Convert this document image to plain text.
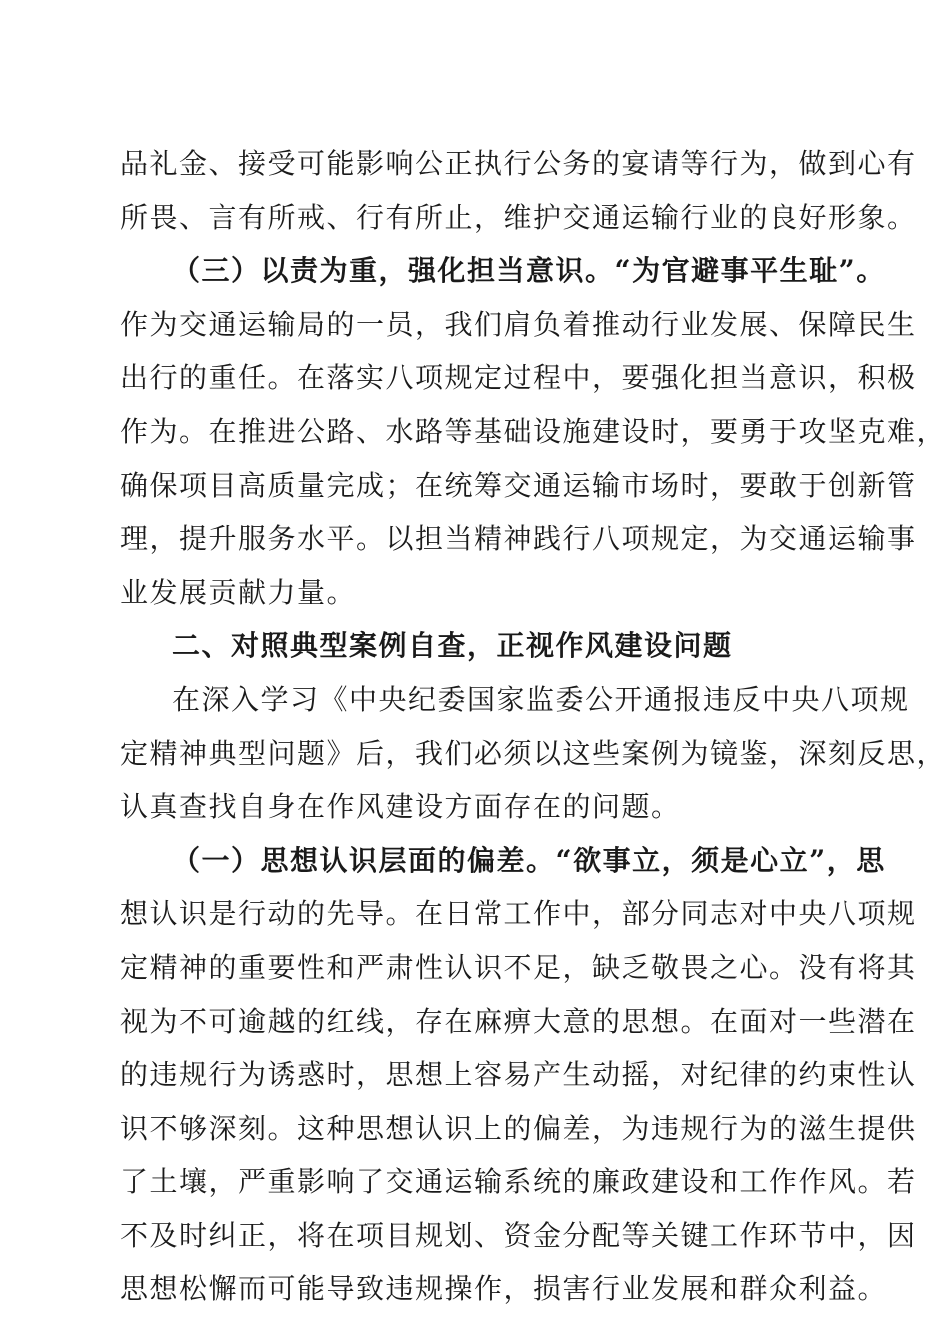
品礼金、接受可能影响公正执行公务的宴请等行为，做到心有
所畏、言有所戒、行有所止，维护交通运输行业的良好形象。
（三）以责为重，强化担当意识。“为官避事平生耻”。
作为交通运输局的一员，我们肩负着推动行业发展、保障民生
出行的重任。在落实八项规定过程中，要强化担当意识，积极
作为。在推进公路、水路等基础设施建设时，要勇于攻坚克难，
确保项目高质量完成；在统筹交通运输市场时，要敢于创新管
理，提升服务水平。以担当精神践行八项规定，为交通运输事
业发展贡献力量。
二、对照典型案例自查，正视作风建设问题
在深入学习《中央纪委国家监委公开通报违反中央八项规
定精神典型问题》后，我们必须以这些案例为镜鉴，深刻反思，
认真查找自身在作风建设方面存在的问题。
（一）思想认识层面的偏差。“欲事立，须是心立”，思
想认识是行动的先导。在日常工作中，部分同志对中央八项规
定精神的重要性和严肃性认识不足，缺乏敬畏之心。没有将其
视为不可逾越的红线，存在麻痹大意的思想。在面对一些潜在
的违规行为诱惑时，思想上容易产生动摇，对纪律的约束性认
识不够深刻。这种思想认识上的偏差，为违规行为的滋生提供
了土壤，严重影响了交通运输系统的廉政建设和工作作风。若
不及时纠正，将在项目规划、资金分配等关键工作环节中，因
思想松懈而可能导致违规操作，损害行业发展和群众利益。
